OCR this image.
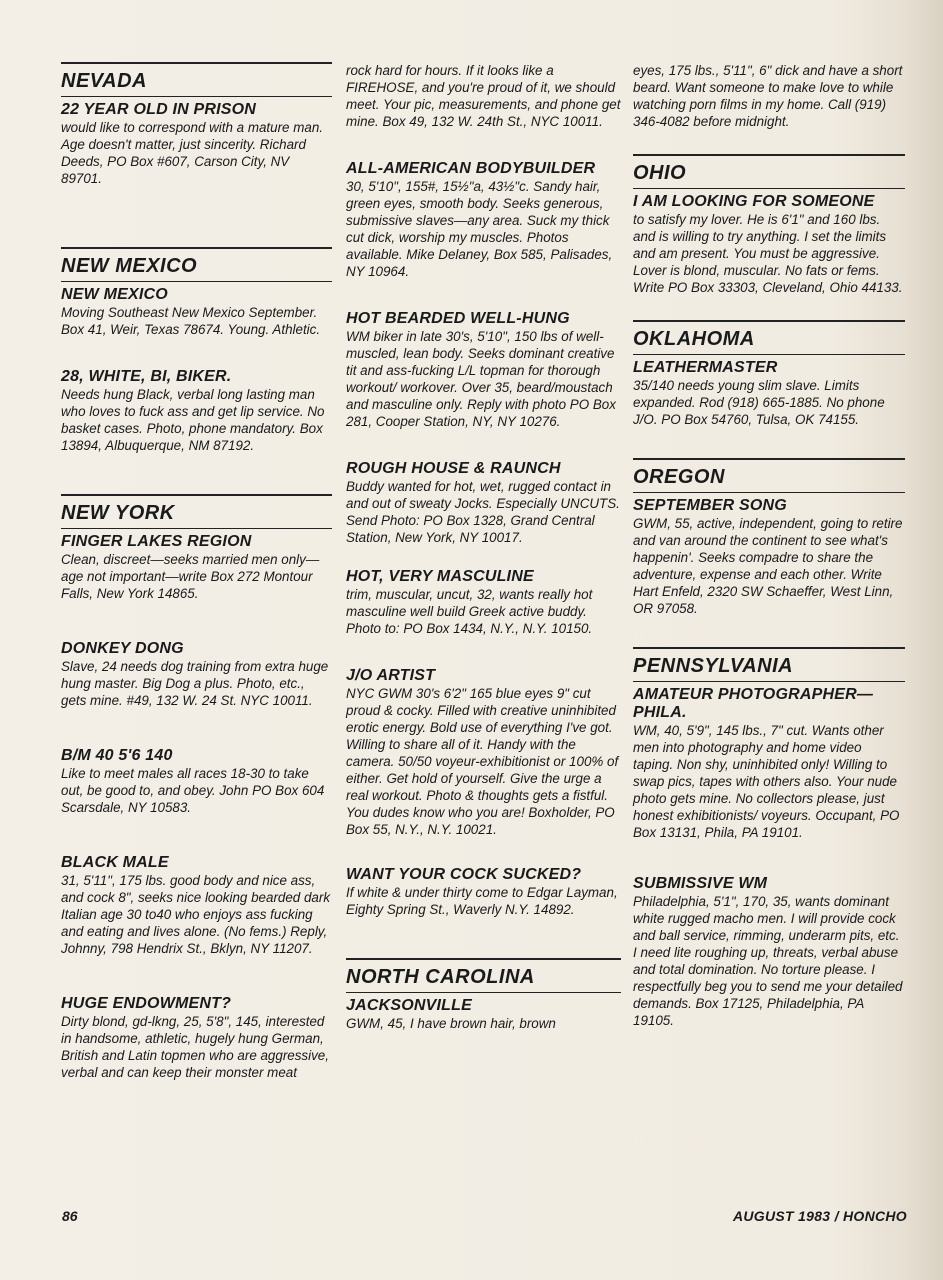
NEVADA
22 YEAR OLD IN PRISON

would like to correspond with a mature man. Age doesn't matter, just sincerity. Richard Deeds, PO Box #607, Carson City, NV 89701.

NEW MEXICO
NEW MEXICO

Moving Southeast New Mexico September. Box 41, Weir, Texas 78674. Young. Athletic.

28, WHITE, BI, BIKER.

Needs hung Black, verbal long lasting man who loves to fuck ass and get lip service. No basket cases. Photo, phone mandatory. Box 13894, Albuquerque, NM 87192.

NEW YORK
FINGER LAKES REGION

Clean, discreet—seeks married men only—age not important—write Box 272 Montour Falls, New York 14865.

DONKEY DONG

Slave, 24 needs dog training from extra huge hung master. Big Dog a plus. Photo, etc., gets mine. #49, 132 W. 24 St. NYC 10011.

B/M 40 5'6 140

Like to meet males all races 18-30 to take out, be good to, and obey. John PO Box 604 Scarsdale, NY 10583.

BLACK MALE

31, 5'11", 175 lbs. good body and nice ass, and cock 8", seeks nice looking bearded dark Italian age 30 to40 who enjoys ass fucking and eating and lives alone. (No fems.) Reply, Johnny, 798 Hendrix St., Bklyn, NY 11207.

HUGE ENDOWMENT?

Dirty blond, gd-lkng, 25, 5'8", 145, interested in handsome, athletic, hugely hung German, British and Latin topmen who are aggressive, verbal and can keep their monster meat

rock hard for hours. If it looks like a FIREHOSE, and you're proud of it, we should meet. Your pic, measurements, and phone get mine. Box 49, 132 W. 24th St., NYC 10011.

ALL-AMERICAN BODYBUILDER

30, 5'10", 155#, 15½"a, 43½"c. Sandy hair, green eyes, smooth body. Seeks generous, submissive slaves—any area. Suck my thick cut dick, worship my muscles. Photos available. Mike Delaney, Box 585, Palisades, NY 10964.

HOT BEARDED WELL-HUNG

WM biker in late 30's, 5'10", 150 lbs of well-muscled, lean body. Seeks dominant creative tit and ass-fucking L/L topman for thorough workout/ workover. Over 35, beard/moustach and masculine only. Reply with photo PO Box 281, Cooper Station, NY, NY 10276.

ROUGH HOUSE & RAUNCH

Buddy wanted for hot, wet, rugged contact in and out of sweaty Jocks. Especially UNCUTS. Send Photo: PO Box 1328, Grand Central Station, New York, NY 10017.

HOT, VERY MASCULINE

trim, muscular, uncut, 32, wants really hot masculine well build Greek active buddy. Photo to: PO Box 1434, N.Y., N.Y. 10150.

J/O ARTIST

NYC GWM 30's 6'2" 165 blue eyes 9" cut proud & cocky. Filled with creative uninhibited erotic energy. Bold use of everything I've got. Willing to share all of it. Handy with the camera. 50/50 voyeur-exhibitionist or 100% of either. Get hold of yourself. Give the urge a real workout. Photo & thoughts gets a fistful. You dudes know who you are! Boxholder, PO Box 55, N.Y., N.Y. 10021.

WANT YOUR COCK SUCKED?

If white & under thirty come to Edgar Layman, Eighty Spring St., Waverly N.Y. 14892.

NORTH CAROLINA
JACKSONVILLE

GWM, 45, I have brown hair, brown

eyes, 175 lbs., 5'11", 6" dick and have a short beard. Want someone to make love to while watching porn films in my home. Call (919) 346-4082 before midnight.

OHIO
I AM LOOKING FOR SOMEONE

to satisfy my lover. He is 6'1" and 160 lbs. and is willing to try anything. I set the limits and am present. You must be aggressive. Lover is blond, muscular. No fats or fems. Write PO Box 33303, Cleveland, Ohio 44133.

OKLAHOMA
LEATHERMASTER

35/140 needs young slim slave. Limits expanded. Rod (918) 665-1885. No phone J/O. PO Box 54760, Tulsa, OK 74155.

OREGON
SEPTEMBER SONG

GWM, 55, active, independent, going to retire and van around the continent to see what's happenin'. Seeks compadre to share the adventure, expense and each other. Write Hart Enfeld, 2320 SW Schaeffer, West Linn, OR 97058.

PENNSYLVANIA
AMATEUR PHOTOGRAPHER—PHILA.

WM, 40, 5'9", 145 lbs., 7" cut. Wants other men into photography and home video taping. Non shy, uninhibited only! Willing to swap pics, tapes with others also. Your nude photo gets mine. No collectors please, just honest exhibitionists/ voyeurs. Occupant, PO Box 13131, Phila, PA 19101.

SUBMISSIVE WM

Philadelphia, 5'1", 170, 35, wants dominant white rugged macho men. I will provide cock and ball service, rimming, underarm pits, etc. I need lite roughing up, threats, verbal abuse and total domination. No torture please. I respectfully beg you to send me your detailed demands. Box 17125, Philadelphia, PA 19105.

86	AUGUST 1983 / HONCHO
